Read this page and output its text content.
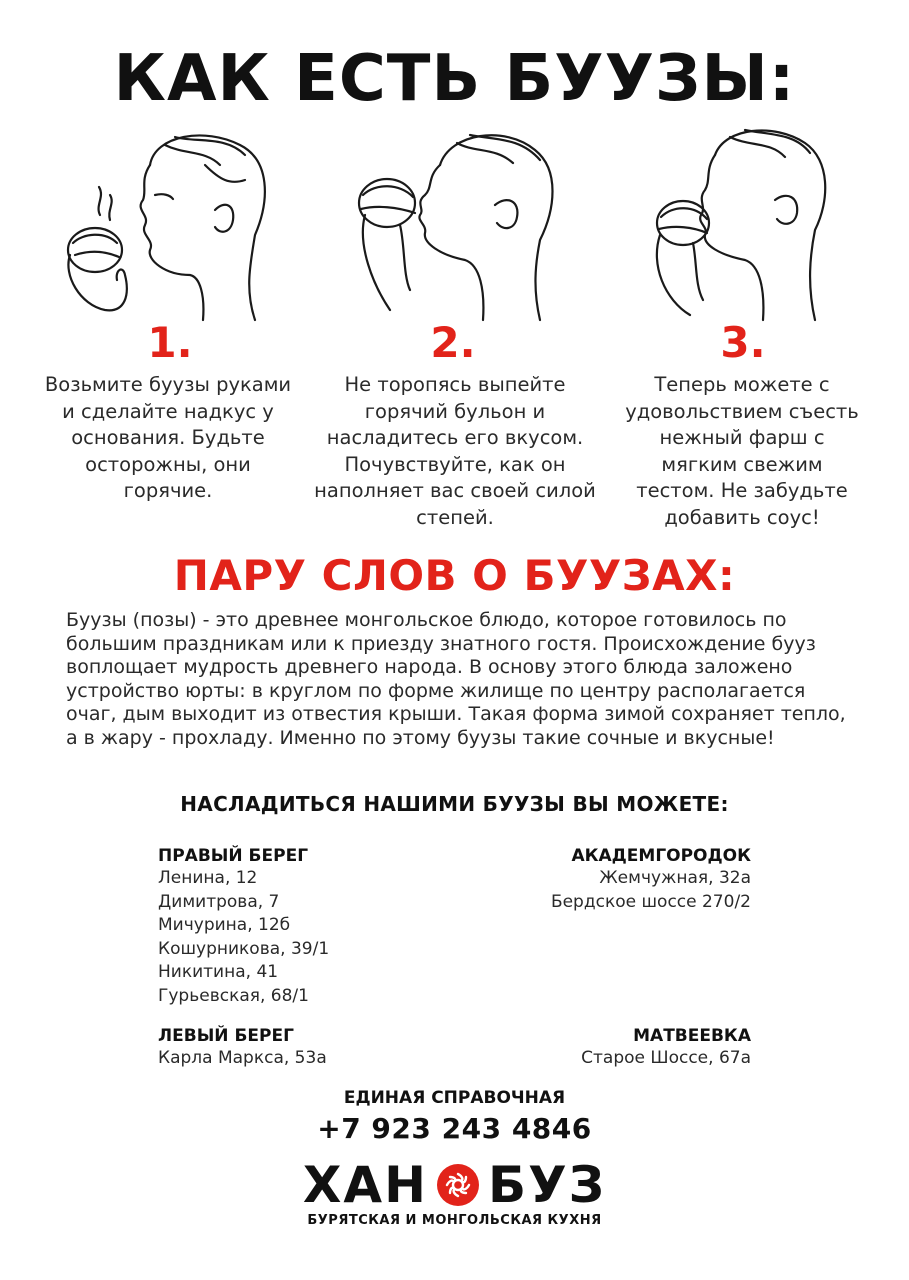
КАК ЕСТЬ БУУЗЫ:
1.	2.	3.
Возьмите буузы руками
и сделайте надкус у
основания. Будьте
осторожны, они
горячие.
Не торопясь выпейте
горячий бульон и
насладитесь его вкусом.
Почувствуйте, как он
наполняет вас своей силой
степей.
Теперь можете с
удовольствием съесть
нежный фарш с
мягким свежим
тестом. Не забудьте
добавить соус!
ПАРУ СЛОВ О БУУЗАХ:
Буузы (позы) - это древнее монгольское блюдо, которое готовилось по
большим праздникам или к приезду знатного гостя. Происхождение бууз
воплощает мудрость древнего народа. В основу этого блюда заложено
устройство юрты: в круглом по форме жилище по центру располагается
очаг, дым выходит из отвестия крыши. Такая форма зимой сохраняет тепло,
а в жару - прохладу. Именно по этому буузы такие сочные и вкусные!
НАСЛАДИТЬСЯ НАШИМИ БУУЗЫ ВЫ МОЖЕТЕ:
ПРАВЫЙ БЕРЕГ
Ленина, 12
Димитрова, 7
Мичурина, 12б
Кошурникова, 39/1
Никитина, 41
Гурьевская, 68/1
АКАДЕМГОРОДОК
Жемчужная, 32а
Бердское шоссе 270/2
ЛЕВЫЙ БЕРЕГ
Карла Маркса, 53а
МАТВЕЕВКА
Старое Шоссе, 67а
ЕДИНАЯ СПРАВОЧНАЯ
+7 923 243 4846
ХАН БУЗ
БУРЯТСКАЯ И МОНГОЛЬСКАЯ КУХНЯ
